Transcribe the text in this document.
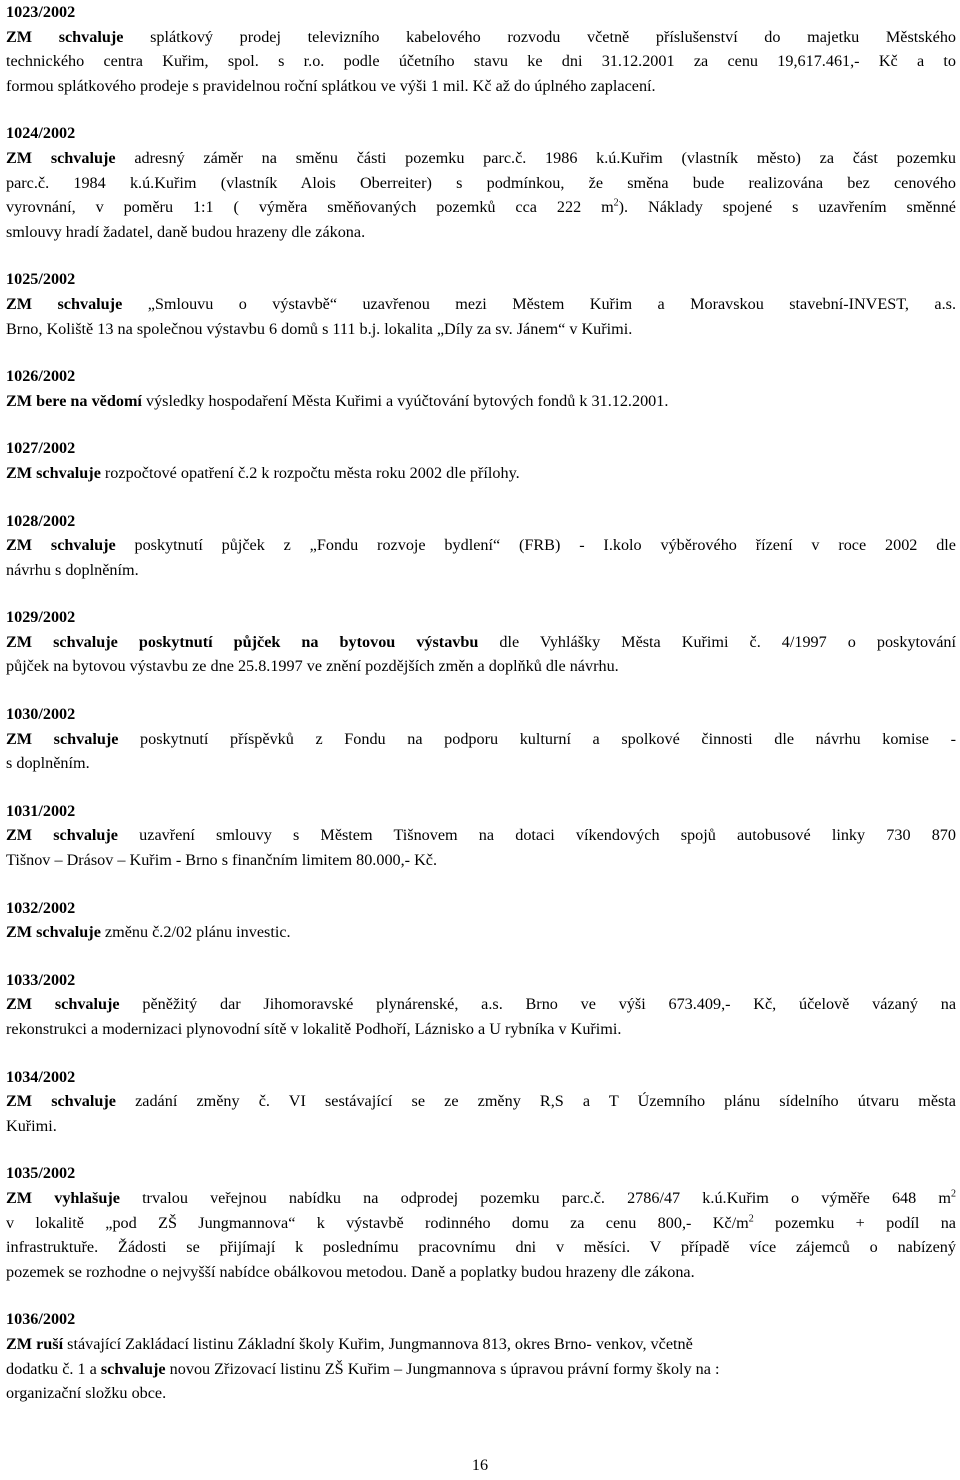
1023/2002
ZM schvaluje splátkový prodej televizního kabelového rozvodu včetně příslušenství do majetku Městského
technického centra Kuřim, spol. s r.o. podle účetního stavu ke dni 31.12.2001 za cenu 19,617.461,- Kč a to
formou splátkového prodeje s pravidelnou roční splátkou ve výši 1 mil. Kč až do úplného zaplacení.
1024/2002
ZM schvaluje adresný záměr na směnu části pozemku parc.č. 1986 k.ú.Kuřim (vlastník město) za část pozemku
parc.č. 1984 k.ú.Kuřim (vlastník Alois Oberreiter) s podmínkou, že směna bude realizována bez cenového
vyrovnání, v poměru 1:1 ( výměra směňovaných pozemků cca 222 $m^2$). Náklady spojené s uzavřením směnné
smlouvy hradí žadatel, daně budou hrazeny dle zákona.
1025/2002
ZM schvaluje „Smlouvu o výstavbě“ uzavřenou mezi Městem Kuřim a Moravskou stavební-INVEST, a.s.
Brno, Koliště 13 na společnou výstavbu 6 domů s 111 b.j. lokalita „Díly za sv. Jánem“ v Kuřimi.
1026/2002
ZM bere na vědomí výsledky hospodaření Města Kuřimi a vyúčtování bytových fondů k 31.12.2001.
1027/2002
ZM schvaluje rozpočtové opatření č.2 k rozpočtu města roku 2002 dle přílohy.
1028/2002
ZM schvaluje poskytnutí půjček z „Fondu rozvoje bydlení“ (FRB) - I.kolo výběrového řízení v roce 2002 dle
návrhu s doplněním.
1029/2002
ZM schvaluje poskytnutí půjček na bytovou výstavbu dle Vyhlášky Města Kuřimi č. 4/1997 o poskytování
půjček na bytovou výstavbu ze dne 25.8.1997 ve znění pozdějších změn a doplňků dle návrhu.
1030/2002
ZM schvaluje poskytnutí příspěvků z Fondu na podporu kulturní a spolkové činnosti dle návrhu komise -
s doplněním.
1031/2002
ZM schvaluje uzavření smlouvy s Městem Tišnovem na dotaci víkendových spojů autobusové linky 730 870
Tišnov – Drásov – Kuřim - Brno s finančním limitem 80.000,- Kč.
1032/2002
ZM schvaluje změnu č.2/02 plánu investic.
1033/2002
ZM schvaluje pěněžitý dar Jihomoravské plynárenské, a.s. Brno ve výši 673.409,- Kč, účelově vázaný na
rekonstrukci a modernizaci plynovodní sítě v lokalitě Podhoří, Láznisko a U rybníka v Kuřimi.
1034/2002
ZM schvaluje zadání změny č. VI sestávající se ze změny R,S a T Územního plánu sídelního útvaru města
Kuřimi.
1035/2002
ZM vyhlašuje trvalou veřejnou nabídku na odprodej pozemku parc.č. 2786/47 k.ú.Kuřim o výměře 648 $m^2$
v lokalitě „pod ZŠ Jungmannova“ k výstavbě rodinného domu za cenu 800,- $Kč/m^2$ pozemku + podíl na
infrastruktuře. Žádosti se přijímají k poslednímu pracovnímu dni v měsíci. V případě více zájemců o nabízený
pozemek se rozhodne o nejvyšší nabídce obálkovou metodou. Daně a poplatky budou hrazeny dle zákona.
1036/2002
ZM ruší stávající Zakládací listinu Základní školy Kuřim, Jungmannova 813, okres Brno- venkov, včetně
dodatku č. 1 a schvaluje novou Zřizovací listinu ZŠ Kuřim – Jungmannova s úpravou právní formy školy na :
organizační složku obce.
16
